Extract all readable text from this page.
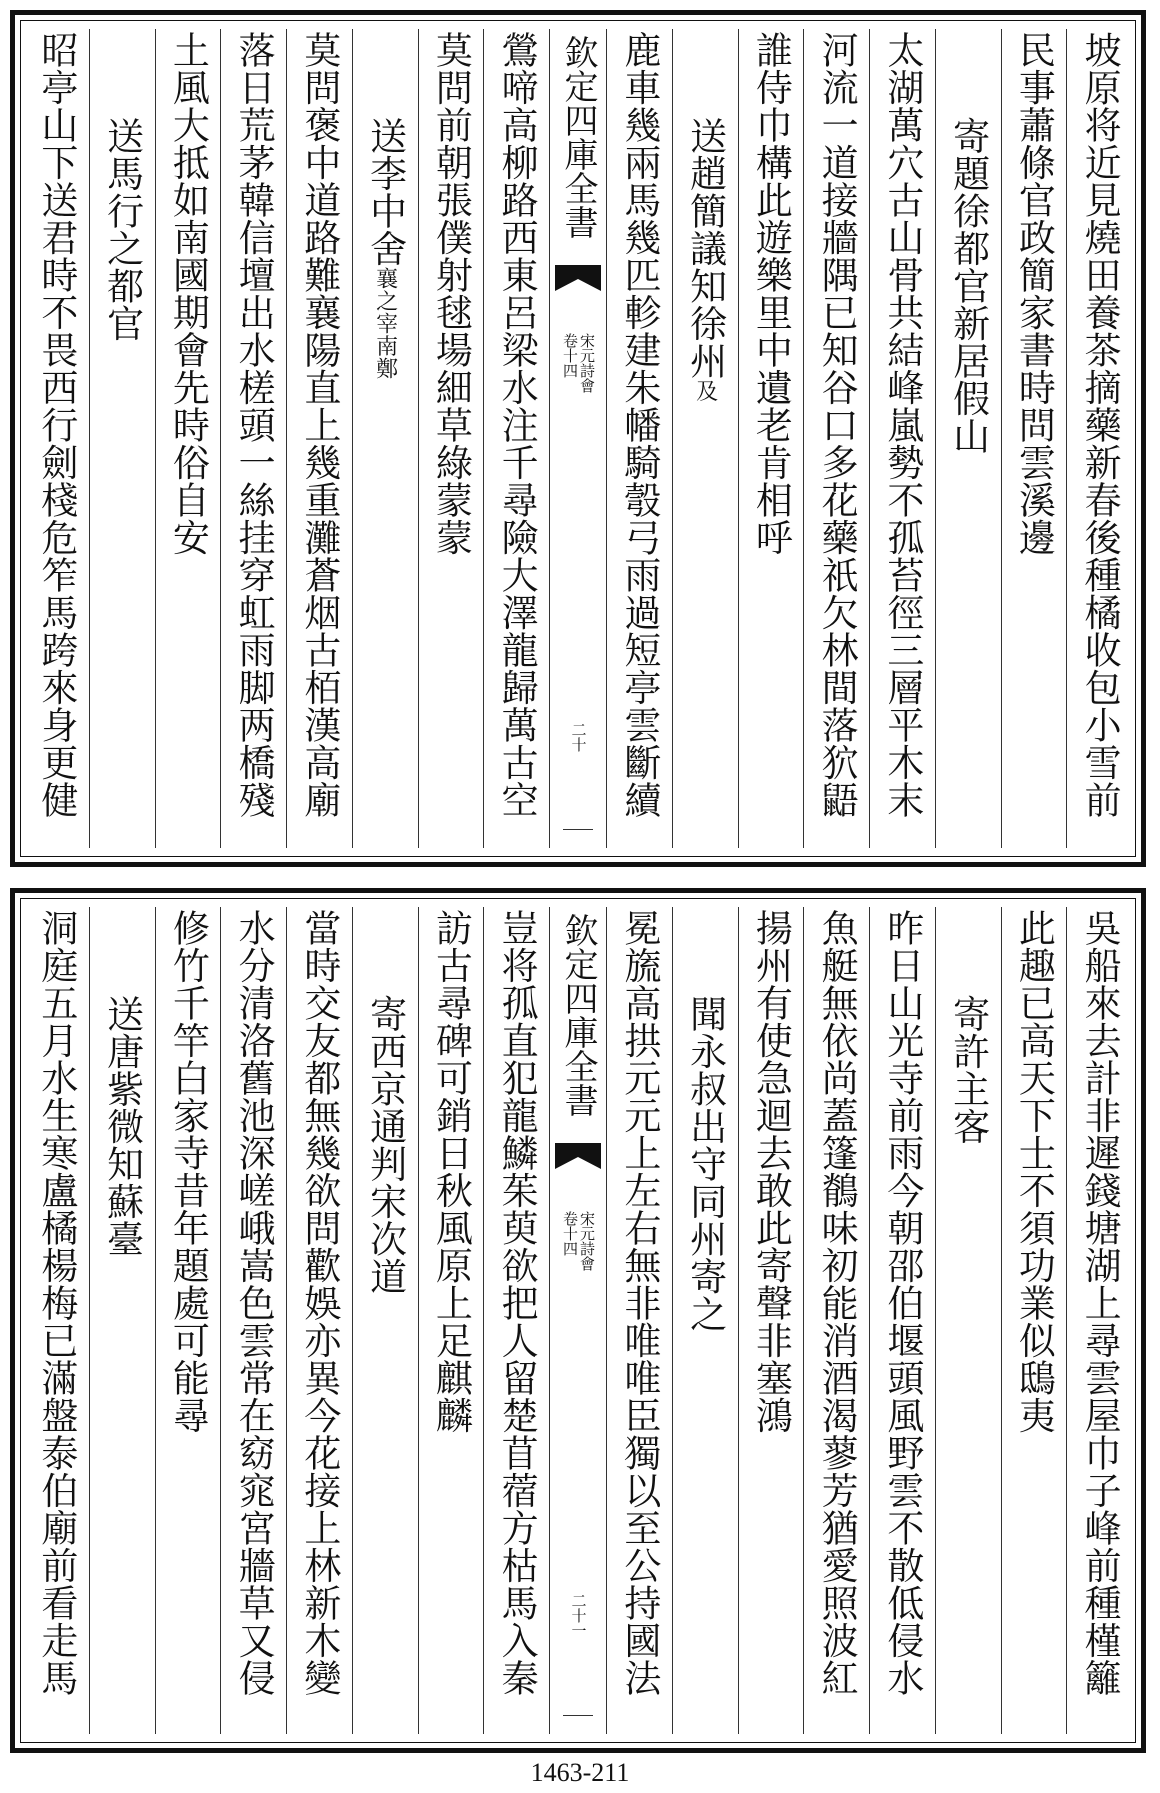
坡原将近見燒田養茶摘藥新春後種橘收包小雪前
民事蕭條官政簡家書時問雲溪邊
寄題徐都官新居假山
太湖萬穴古山骨共結峰嵐勢不孤苔徑三層平木末
河流一道接牆隅已知谷口多花藥祇欠林間落狖鼯
誰侍巾構此遊樂里中遺老肯相呼
送趙簡議知徐州及
鹿車幾兩馬幾匹軫建朱幡騎彀弓雨過短亭雲斷續
欽定四庫全書
宋元詩會
卷十四
二十
鶯啼高柳路西東呂梁水注千尋險大澤龍歸萬古空
莫問前朝張僕射毬場細草綠蒙蒙
送李中舍襄之宰南鄭
莫問褒中道路難襄陽直上幾重灘蒼烟古栢漢高廟
落日荒茅韓信壇出水槎頭一絲挂穿虹雨脚两橋殘
土風大抵如南國期會先時俗自安
送馬行之都官
昭亭山下送君時不畏西行劍棧危笮馬跨來身更健
吳船來去計非遲錢塘湖上尋雲屋巾子峰前種槿籬
此趣已高天下士不須功業似鴟夷
寄許主客
昨日山光寺前雨今朝邵伯堰頭風野雲不散低侵水
魚艇無依尚蓋篷鶺味初能消酒渴蓼芳猶愛照波紅
揚州有使急迴去敢此寄聲非塞鴻
聞永叔出守同州寄之
冕旒高拱元元上左右無非唯唯臣獨以至公持國法
欽定四庫全書
宋元詩會
卷十四
二十一
豈将孤直犯龍鱗茱萸欲把人留楚苜蓿方枯馬入秦
訪古尋碑可銷日秋風原上足麒麟
寄西京通判宋次道
當時交友都無幾欲問歡娛亦異今花接上林新木變
水分清洛舊池深嵯峨嵩色雲常在窈窕宮牆草又侵
修竹千竿白家寺昔年題處可能尋
送唐紫微知蘇臺
洞庭五月水生寒盧橘楊梅已滿盤泰伯廟前看走馬
1463-211
